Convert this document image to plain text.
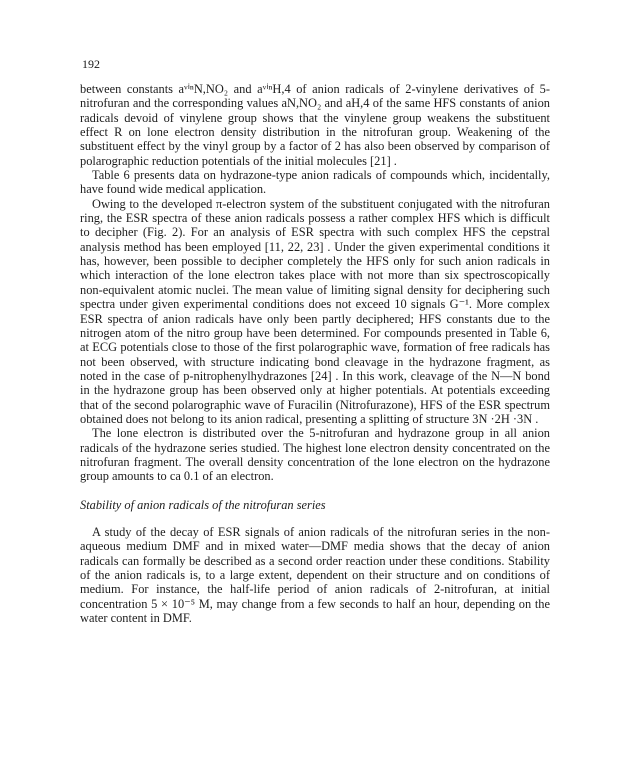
192

between constants aᵛⁱⁿN,NO₂ and aᵛⁱⁿH,4 of anion radicals of 2-vinylene derivatives of 5-nitrofuran and the corresponding values aN,NO₂ and aH,4 of the same HFS constants of anion radicals devoid of vinylene group shows that the vinylene group weakens the substituent effect R on lone electron density distribution in the nitrofuran group. Weakening of the substituent effect by the vinyl group by a factor of 2 has also been observed by comparison of polarographic reduction potentials of the initial molecules [21] .

Table 6 presents data on hydrazone-type anion radicals of compounds which, incidentally, have found wide medical application.

Owing to the developed π-electron system of the substituent conjugated with the nitrofuran ring, the ESR spectra of these anion radicals possess a rather complex HFS which is difficult to decipher (Fig. 2). For an analysis of ESR spectra with such complex HFS the cepstral analysis method has been employed [11, 22, 23] . Under the given experimental conditions it has, however, been possible to decipher completely the HFS only for such anion radicals in which interaction of the lone electron takes place with not more than six spectroscopically non-equivalent atomic nuclei. The mean value of limiting signal density for deciphering such spectra under given experimental conditions does not exceed 10 signals G⁻¹. More complex ESR spectra of anion radicals have only been partly deciphered; HFS constants due to the nitrogen atom of the nitro group have been determined. For compounds presented in Table 6, at ECG potentials close to those of the first polarographic wave, formation of free radicals has not been observed, with structure indicating bond cleavage in the hydrazone fragment, as noted in the case of p-nitrophenylhydrazones [24] . In this work, cleavage of the N—N bond in the hydrazone group has been observed only at higher potentials. At potentials exceeding that of the second polarographic wave of Furacilin (Nitrofurazone), HFS of the ESR spectrum obtained does not belong to its anion radical, presenting a splitting of structure 3N ·2H ·3N .

The lone electron is distributed over the 5-nitrofuran and hydrazone group in all anion radicals of the hydrazone series studied. The highest lone electron density concentrated on the nitrofuran fragment. The overall density concentration of the lone electron on the hydrazone group amounts to ca 0.1 of an electron.

Stability of anion radicals of the nitrofuran series

A study of the decay of ESR signals of anion radicals of the nitrofuran series in the non-aqueous medium DMF and in mixed water—DMF media shows that the decay of anion radicals can formally be described as a second order reaction under these conditions. Stability of the anion radicals is, to a large extent, dependent on their structure and on conditions of medium. For instance, the half-life period of anion radicals of 2-nitrofuran, at initial concentration 5 × 10⁻⁵ M, may change from a few seconds to half an hour, depending on the water content in DMF.
